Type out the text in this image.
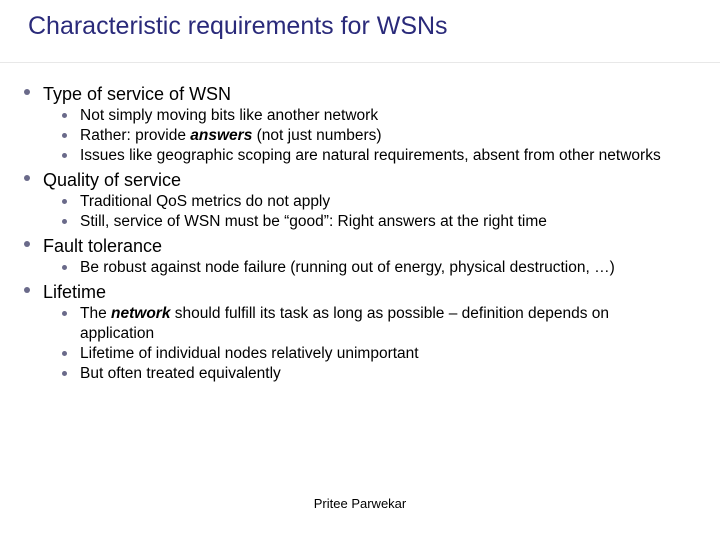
Characteristic requirements for WSNs
Type of service of WSN
Not simply moving bits like another network
Rather: provide answers (not just numbers)
Issues like geographic scoping are natural requirements, absent from other networks
Quality of service
Traditional QoS metrics do not apply
Still, service of WSN must be “good”: Right answers at the right time
Fault tolerance
Be robust against node failure (running out of energy, physical destruction, …)
Lifetime
The network should fulfill its task as long as possible – definition depends on application
Lifetime of individual nodes relatively unimportant
But often treated equivalently
Pritee Parwekar
